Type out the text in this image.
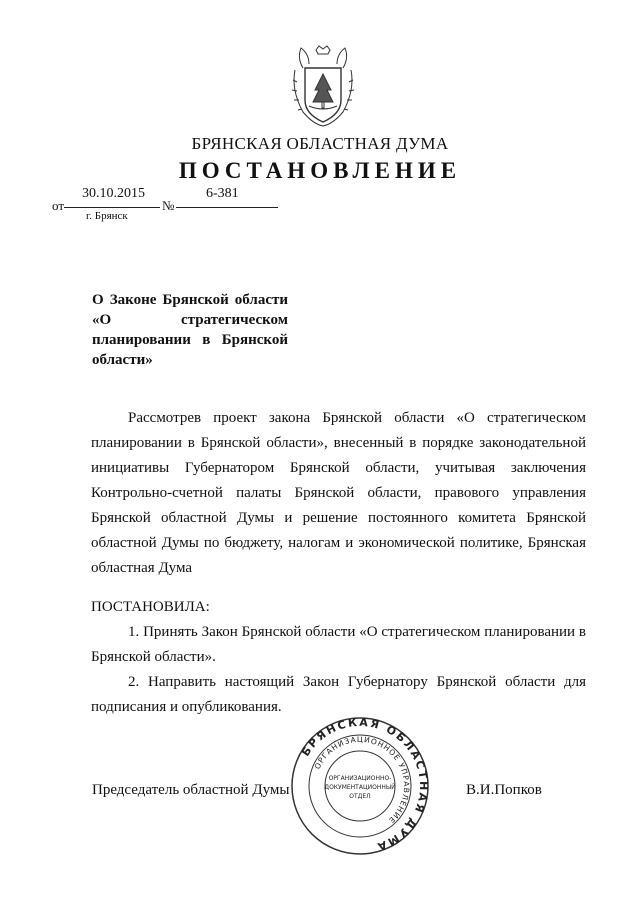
БРЯНСКАЯ ОБЛАСТНАЯ ДУМА
ПОСТАНОВЛЕНИЕ
от
30.10.2015
№
6-381
г. Брянск
О Законе Брянской области
«О стратегическом
планировании в Брянской
области»
Рассмотрев проект закона Брянской области «О стратегическом планировании в Брянской области», внесенный в порядке законодательной инициативы Губернатором Брянской области, учитывая заключения Контрольно-счетной палаты Брянской области, правового управления Брянской областной Думы и решение постоянного комитета Брянской областной Думы по бюджету, налогам и экономической политике, Брянская областная Дума
ПОСТАНОВИЛА:
1. Принять Закон Брянской области «О стратегическом планировании в Брянской области».
2. Направить настоящий Закон Губернатору Брянской области для подписания и опубликования.
Председатель областной Думы	В.И.Попков
БРЯНСКАЯ ОБЛАСТНАЯ ДУМА
ОРГАНИЗАЦИОННОЕ УПРАВЛЕНИЕ
ОРГАНИЗАЦИОННО-
ДОКУМЕНТАЦИОННЫЙ
ОТДЕЛ
